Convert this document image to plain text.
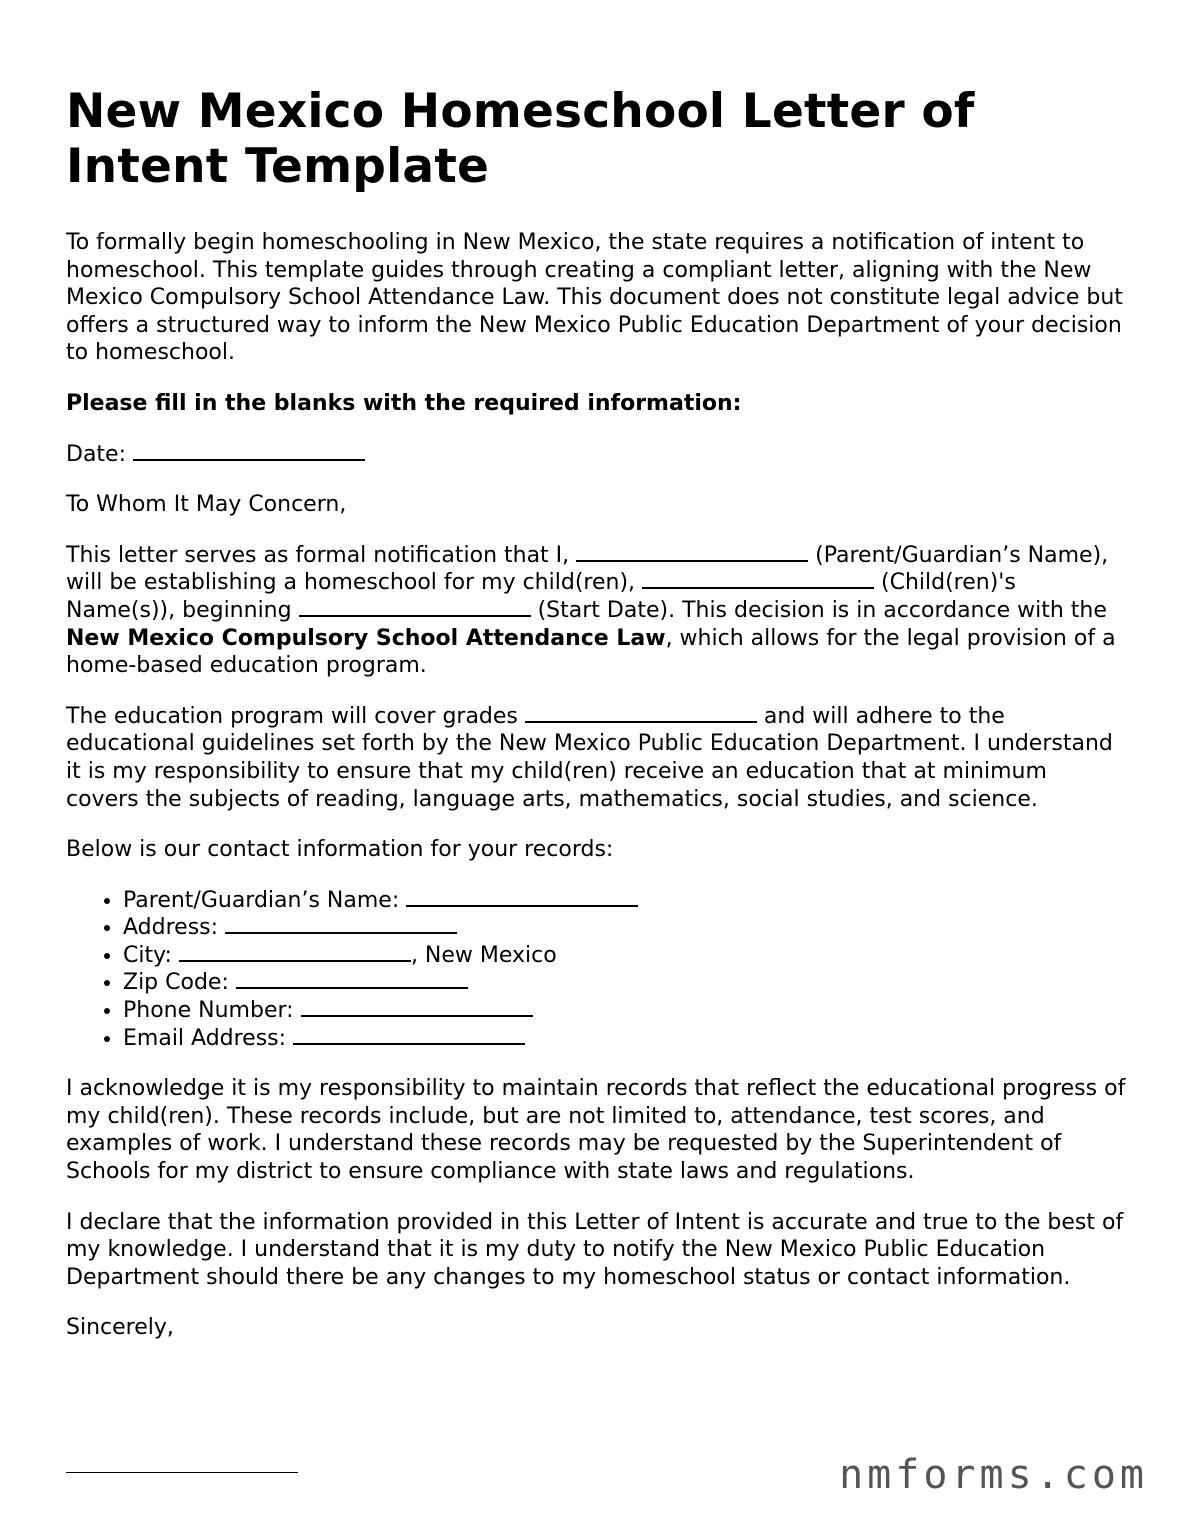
New Mexico Homeschool Letter of Intent Template

To formally begin homeschooling in New Mexico, the state requires a notification of intent to homeschool. This template guides through creating a compliant letter, aligning with the New Mexico Compulsory School Attendance Law. This document does not constitute legal advice but offers a structured way to inform the New Mexico Public Education Department of your decision to homeschool.

Please fill in the blanks with the required information:

Date:

To Whom It May Concern,

This letter serves as formal notification that I,	(Parent/Guardian’s Name), will be establishing a homeschool for my child(ren),	(Child(ren)'s Name(s)), beginning	(Start Date). This decision is in accordance with the New Mexico Compulsory School Attendance Law, which allows for the legal provision of a home-based education program.

The education program will cover grades	and will adhere to the educational guidelines set forth by the New Mexico Public Education Department. I understand it is my responsibility to ensure that my child(ren) receive an education that at minimum covers the subjects of reading, language arts, mathematics, social studies, and science.

Below is our contact information for your records:

• Parent/Guardian’s Name:
• Address:
• City:	, New Mexico
• Zip Code:
• Phone Number:
• Email Address:

I acknowledge it is my responsibility to maintain records that reflect the educational progress of my child(ren). These records include, but are not limited to, attendance, test scores, and examples of work. I understand these records may be requested by the Superintendent of Schools for my district to ensure compliance with state laws and regulations.

I declare that the information provided in this Letter of Intent is accurate and true to the best of my knowledge. I understand that it is my duty to notify the New Mexico Public Education Department should there be any changes to my homeschool status or contact information.

Sincerely,

nmforms.com
